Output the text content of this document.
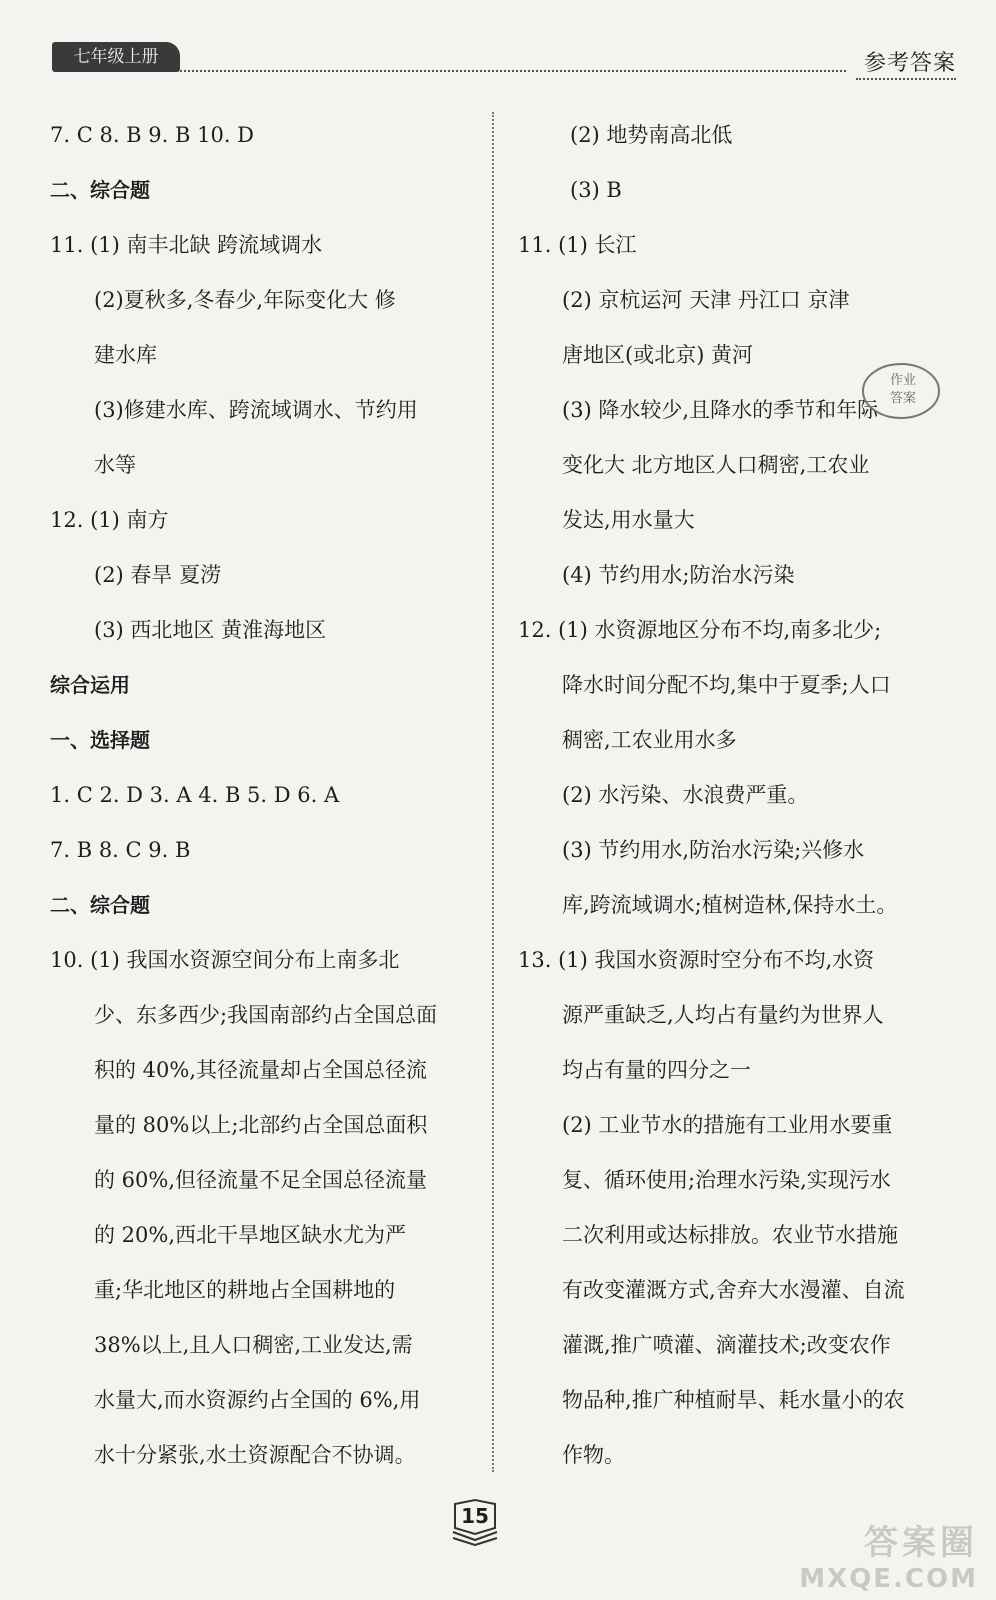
七年级上册	参考答案
7. C 8. B 9. B 10. D
二、综合题
11. (1) 南丰北缺 跨流域调水
(2)夏秋多,冬春少,年际变化大 修
建水库
(3)修建水库、跨流域调水、节约用
水等
12. (1) 南方
(2) 春旱 夏涝
(3) 西北地区 黄淮海地区
综合运用
一、选择题
1. C 2. D 3. A 4. B 5. D 6. A
7. B 8. C 9. B
二、综合题
10. (1) 我国水资源空间分布上南多北
少、东多西少;我国南部约占全国总面
积的 40%,其径流量却占全国总径流
量的 80%以上;北部约占全国总面积
的 60%,但径流量不足全国总径流量
的 20%,西北干旱地区缺水尤为严
重;华北地区的耕地占全国耕地的
38%以上,且人口稠密,工业发达,需
水量大,而水资源约占全国的 6%,用
水十分紧张,水土资源配合不协调。
(2) 地势南高北低
(3) B
11. (1) 长江
(2) 京杭运河 天津 丹江口 京津
唐地区(或北京) 黄河
(3) 降水较少,且降水的季节和年际
变化大 北方地区人口稠密,工农业
发达,用水量大
(4) 节约用水;防治水污染
12. (1) 水资源地区分布不均,南多北少;
降水时间分配不均,集中于夏季;人口
稠密,工农业用水多
(2) 水污染、水浪费严重。
(3) 节约用水,防治水污染;兴修水
库,跨流域调水;植树造林,保持水土。
13. (1) 我国水资源时空分布不均,水资
源严重缺乏,人均占有量约为世界人
均占有量的四分之一
(2) 工业节水的措施有工业用水要重
复、循环使用;治理水污染,实现污水
二次利用或达标排放。农业节水措施
有改变灌溉方式,舍弃大水漫灌、自流
灌溉,推广喷灌、滴灌技术;改变农作
物品种,推广种植耐旱、耗水量小的农
作物。
作业
答案
15
答案圈
MXQE.COM
